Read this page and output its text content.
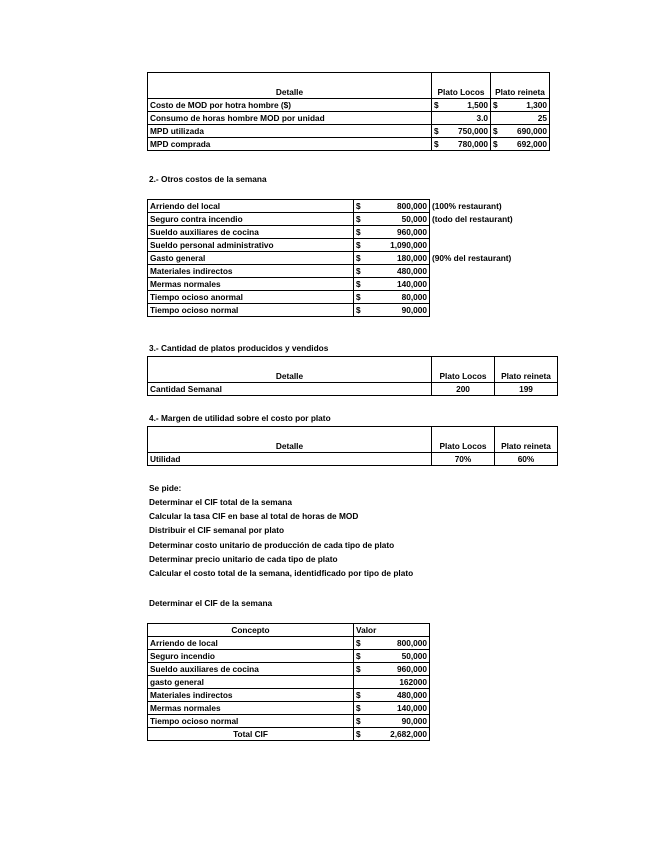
Detalle	Plato Locos		Plato reineta	
Costo de MOD por hotra hombre ($)	$	1,500	$	1,300
Consumo de horas hombre MOD por unidad		3.0		25
MPD utilizada	$	750,000	$	690,000
MPD comprada	$	780,000	$	692,000
2.- Otros costos de la semana
Arriendo del local	$	800,000	(100% restaurant)
Seguro contra incendio	$	50,000	(todo del restaurant)
Sueldo auxiliares de cocina	$	960,000	
Sueldo personal administrativo	$	1,090,000	
Gasto general	$	180,000	(90% del restaurant)
Materiales indirectos	$	480,000	
Mermas normales	$	140,000	
Tiempo ocioso anormal	$	80,000	
Tiempo ocioso normal	$	90,000	
3.- Cantidad de platos producidos y vendidos
Detalle	Plato Locos	Plato reineta
Cantidad Semanal	200	199
4.- Margen de utilidad sobre el costo por plato
Detalle	Plato Locos	Plato reineta
Utilidad	70%	60%
Se pide:
Determinar el CIF total de la semana
Calcular la tasa CIF en base al total de horas de MOD
Distribuir el CIF semanal por plato
Determinar costo unitario de producción de cada tipo de plato
Determinar precio unitario de cada tipo de plato
Calcular el costo total de la semana, identidficado por tipo de plato
Determinar el CIF de la semana
Concepto	Valor	
Arriendo de local	$	800,000
Seguro incendio	$	50,000
Sueldo auxiliares de cocina	$	960,000
gasto general		162000
Materiales indirectos	$	480,000
Mermas normales	$	140,000
Tiempo ocioso normal	$	90,000
Total CIF	$	2,682,000
